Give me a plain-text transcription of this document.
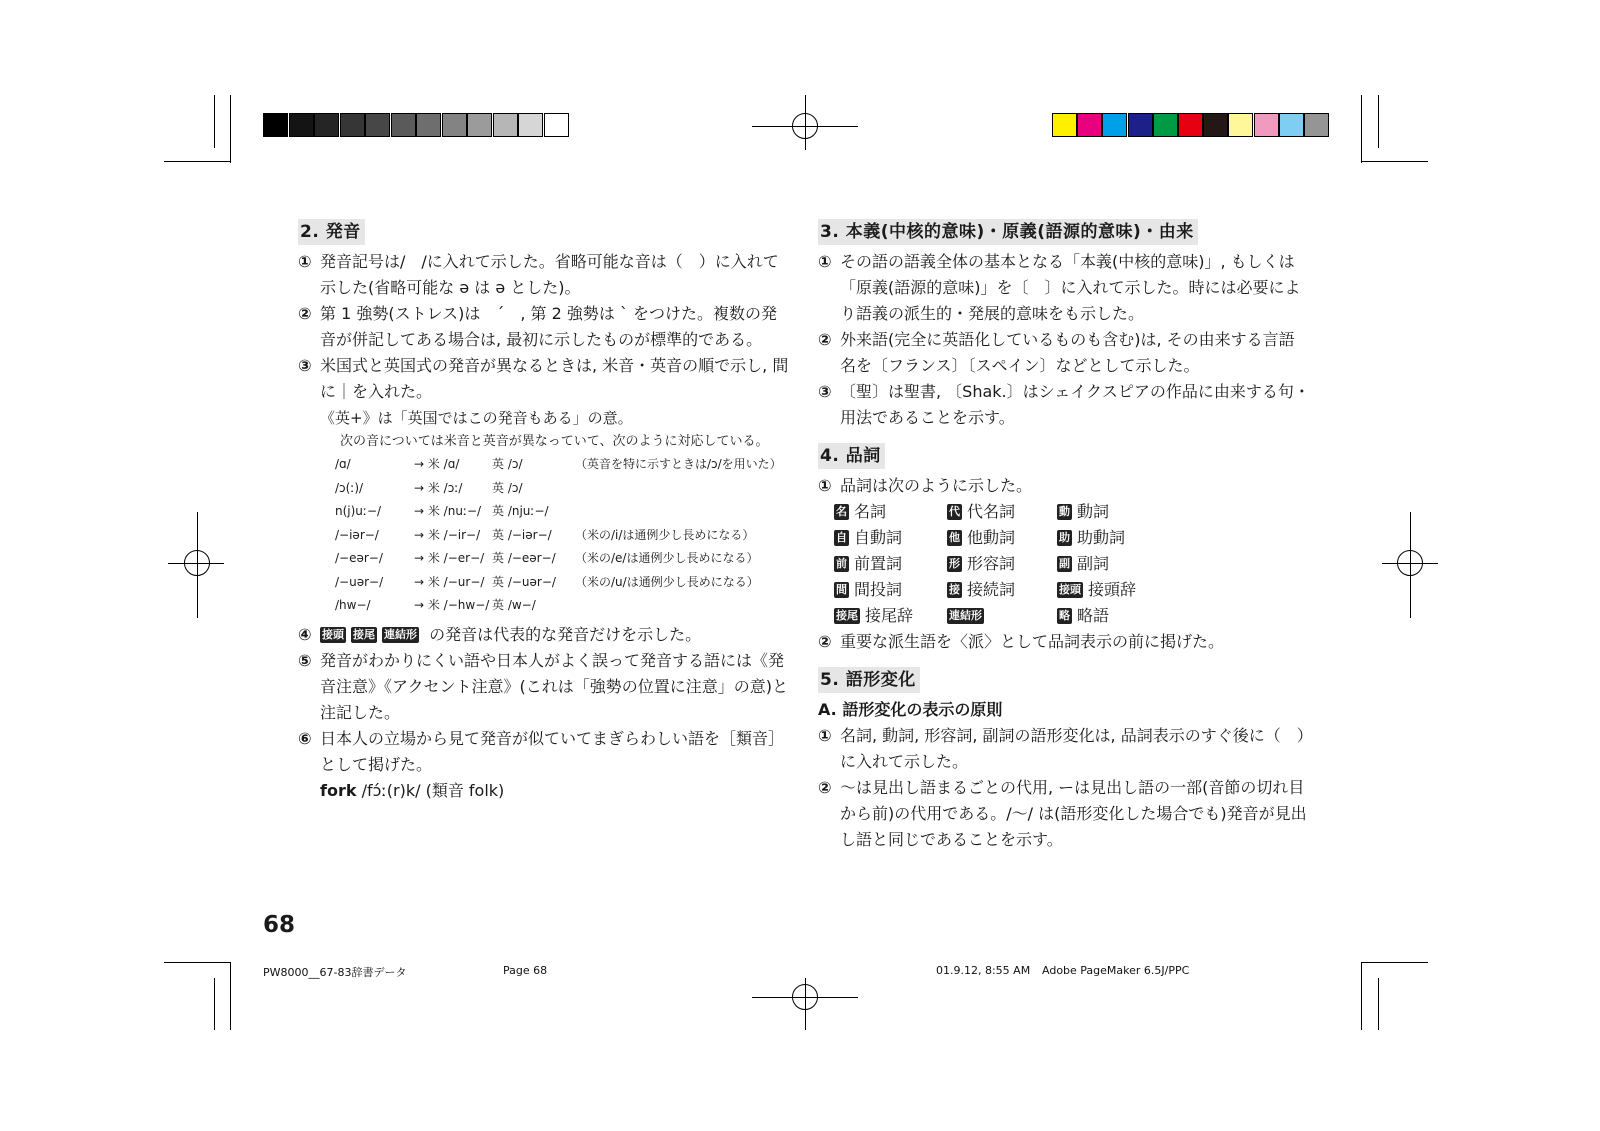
2. 発音
① 発音記号は/　/に入れて示した。省略可能な音は（　）に入れて示した(省略可能な ə は ə とした)。
② 第 1 強勢(ストレス)は　´　, 第 2 強勢は ` をつけた。複数の発音が併記してある場合は, 最初に示したものが標準的である。
③ 米国式と英国式の発音が異なるときは, 米音・英音の順で示し, 間に｜を入れた。
《英+》は「英国ではこの発音もある」の意。
次の音については米音と英音が異なっていて、次のように対応している。
/ɑ/	→ 米 /ɑ/	英 /ɔ/	（英音を特に示すときは/ɔ/を用いた）
/ɔ(ː)/	→ 米 /ɔː/ 英 /ɔ/
n(j)uː−/	→ 米 /nuː−/ 英 /njuː−/
/−iər−/	→ 米 /−ir−/ 英 /−iər−/ （米の/i/は通例少し長めになる）
/−eər−/	→ 米 /−er−/ 英 /−eər−/ （米の/e/は通例少し長めになる）
/−uər−/	→ 米 /−ur−/ 英 /−uər−/ （米の/u/は通例少し長めになる）
/hw−/	→ 米 /−hw−/ 英 /w−/
④ 接頭 接尾 連結形 の発音は代表的な発音だけを示した。
⑤ 発音がわかりにくい語や日本人がよく誤って発音する語には《発音注意》《アクセント注意》(これは「強勢の位置に注意」の意)と注記した。
⑥ 日本人の立場から見て発音が似ていてまぎらわしい語を［類音］として掲げた。
fork /fɔ́ː(r)k/ (類音 folk)
3. 本義(中核的意味)・原義(語源的意味)・由来
① その語の語義全体の基本となる「本義(中核的意味)」, もしくは「原義(語源的意味)」を〔　〕に入れて示した。時には必要により語義の派生的・発展的意味をも示した。
② 外来語(完全に英語化しているものも含む)は, その由来する言語名を〔フランス〕〔スペイン〕などとして示した。
③ 〔聖〕は聖書, 〔Shak.〕はシェイクスピアの作品に由来する句・用法であることを示す。
4. 品詞
① 品詞は次のように示した。
名 名詞	代 代名詞	動 動詞
自 自動詞	他 他動詞	助 助動詞
前 前置詞	形 形容詞	副 副詞
間 間投詞	接 接続詞	接頭 接頭辞
接尾 接尾辞	連結形	略 略語
② 重要な派生語を〈派〉として品詞表示の前に掲げた。
5. 語形変化
A. 語形変化の表示の原則
① 名詞, 動詞, 形容詞, 副詞の語形変化は, 品詞表示のすぐ後に（　）に入れて示した。
② 〜は見出し語まるごとの代用, ーは見出し語の一部(音節の切れ目から前)の代用である。/〜/ は(語形変化した場合でも)発音が見出し語と同じであることを示す。
68
PW8000__67-83辞書データ	Page 68	01.9.12, 8:55 AM Adobe PageMaker 6.5J/PPC
